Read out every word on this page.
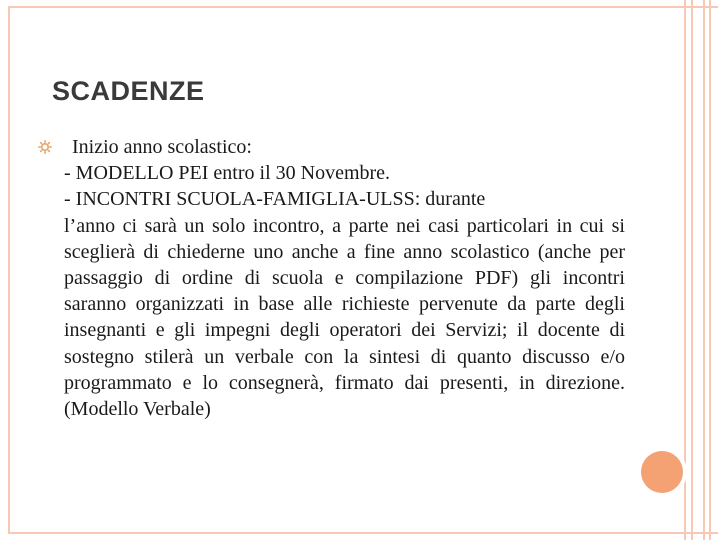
SCADENZE
Inizio anno scolastico:
- MODELLO PEI entro il 30 Novembre.
- INCONTRI SCUOLA-FAMIGLIA-ULSS: durante
l’anno ci sarà un solo incontro, a parte nei casi particolari in cui si sceglierà di chiederne uno anche a fine anno scolastico (anche per passaggio di ordine di scuola e compilazione PDF) gli incontri saranno organizzati in base alle richieste pervenute da parte degli insegnanti e gli impegni degli operatori dei Servizi; il docente di sostegno stilerà un verbale con la sintesi di quanto discusso e/o programmato e lo consegnerà, firmato dai presenti, in direzione. (Modello Verbale)
